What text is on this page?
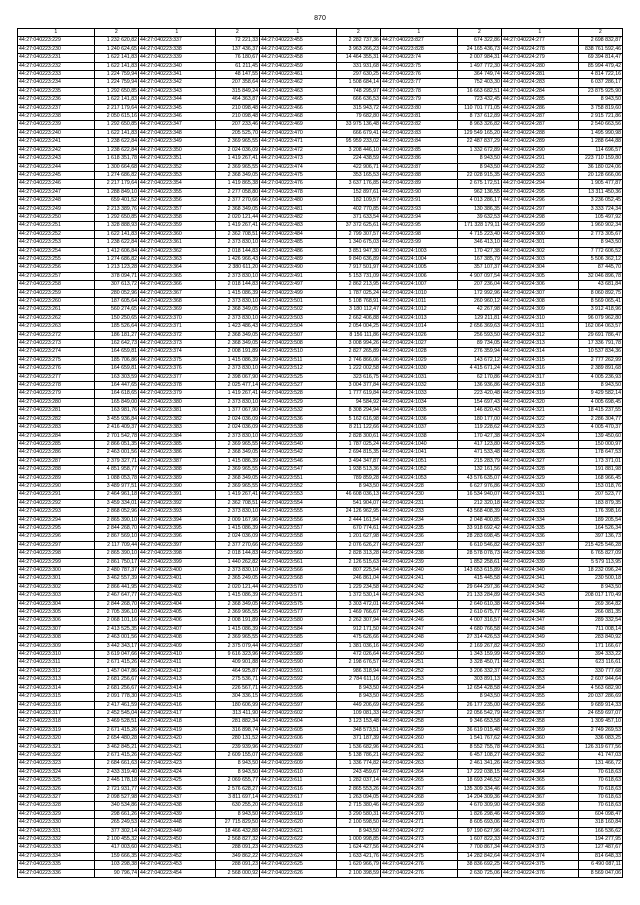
870
1	2	1	2	1	2	1	2	1	2
44:27:040223:229	1 232 620,82	44:27:040223:337	72 221,33	44:27:040223:455	2 282 737,36	44:27:040223:827	674 322,86	44:27:040224:277	2 698 832,87
44:27:040223:230	1 240 624,65	44:27:040223:338	137 436,37	44:27:040223:456	3 963 266,23	44:27:040223:828	24 165 436,73	44:27:040224:278	838 761 592,46
44:27:040223:231	1 622 141,83	44:27:040223:339	76 180,67	44:27:040223:458	14 464 355,31	44:27:040223:74	2 007 984,31	44:27:040224:279	69 394 814,47
44:27:040223:232	1 622 141,83	44:27:040223:340	61 211,45	44:27:040223:459	331 931,68	44:27:040223:75	1 497 772,30	44:27:040224:280	85 994 479,42
44:27:040223:233	1 224 759,94	44:27:040223:341	48 147,55	44:27:040223:461	297 630,25	44:27:040223:76	364 749,74	44:27:040224:281	4 814 722,16
44:27:040223:234	1 224 759,94	44:27:040223:342	207 358,64	44:27:040223:462	1 508 684,14	44:27:040223:77	752 403,30	44:27:040224:283	6 037 286,17
44:27:040223:235	1 292 650,85	44:27:040223:343	315 849,24	44:27:040223:463	748 295,97	44:27:040223:78	16 663 682,51	44:27:040224:284	23 875 925,90
44:27:040223:236	1 622 141,83	44:27:040223:344	464 363,87	44:27:040223:465	666 636,53	44:27:040223:79	723 432,45	44:27:040224:285	8 943,50
44:27:040223:237	2 217 179,64	44:27:040223:345	210 098,48	44:27:040223:466	315 943,72	44:27:040223:80	110 701 771,05	44:27:040224:286	3 758 819,60
44:27:040223:238	2 050 615,16	44:27:040223:346	210 098,48	44:27:040223:468	79 682,80	44:27:040223:81	8 737 612,89	44:27:040224:287	2 915 721,86
44:27:040223:239	1 292 650,85	44:27:040223:347	207 233,46	44:27:040223:469	33 975 136,48	44:27:040223:82	8 963 326,82	44:27:040224:287	2 540 663,56
44:27:040223:240	1 622 141,83	44:27:040223:348	205 525,70	44:27:040223:470	666 679,41	44:27:040223:83	129 549 165,20	44:27:040224:288	1 495 990,98
44:27:040223:241	1 238 622,84	44:27:040223:349	2 369 965,55	44:27:040223:471	95 959 233,02	44:27:040223:84	22 487 837,29	44:27:040224:289	1 288 644,88
44:27:040223:242	1 238 622,84	44:27:040223:350	2 024 036,09	44:27:040223:472	3 208 446,10	44:27:040223:85	1 332 672,89	44:27:040224:290	114 696,57
44:27:040223:243	1 618 351,78	44:27:040223:351	1 419 267,41	44:27:040223:473	224 438,59	44:27:040223:86	8 943,50	44:27:040224:291	223 710 159,80
44:27:040223:244	1 300 664,68	44:27:040223:352	2 369 965,55	44:27:040223:474	422 906,71	44:27:040223:87	8 943,50	44:27:040224:292	36 180 024,06
44:27:040223:245	1 274 686,82	44:27:040223:353	2 368 349,05	44:27:040223:475	353 165,53	44:27:040223:88	22 028 915,35	44:27:040224:293	20 128 666,06
44:27:040223:246	2 217 179,64	44:27:040223:354	1 419 865,38	44:27:040223:476	3 637 176,85	44:27:040223:89	2 675 172,51	44:27:040224:294	1 905 477,87
44:27:040223:247	1 288 849,10	44:27:040223:355	2 277 058,80	44:27:040223:478	152 897,61	44:27:040223:90	962 136,55	44:27:040224:295	13 311 450,36
44:27:040223:248	659 401,52	44:27:040223:356	2 377 270,66	44:27:040223:480	182 109,57	44:27:040223:91	4 013 286,17	44:27:040224:296	3 236 052,45
44:27:040223:249	2 213 389,76	44:27:040223:357	2 368 349,05	44:27:040223:481	402 770,85	44:27:040223:93	130 386,35	44:27:040224:297	3 333 724,34
44:27:040223:250	1 292 650,85	44:27:040223:358	2 020 121,44	44:27:040223:482	371 633,54	44:27:040223:94	39 632,53	44:27:040224:298	105 497,92
44:27:040223:251	1 328 888,93	44:27:040223:359	1 419 267,41	44:27:040223:483	37 372 625,61	44:27:040223:95	171 328 179,11	44:27:040224:299	1 960 902,34
44:27:040223:252	1 622 141,83	44:27:040223:360	2 362 708,51	44:27:040223:484	2 799 307,57	44:27:040223:98	4 715 223,40	44:27:040224:300	2 773 305,67
44:27:040223:253	1 238 622,84	44:27:040223:361	2 373 830,10	44:27:040223:485	1 340 675,03	44:27:040223:99	346 413,10	44:27:040224:301	8 943,50
44:27:040223:254	1 412 606,84	44:27:040223:362	2 018 144,83	44:27:040223:486	3 851 947,30	44:27:040224:1003	170 427,38	44:27:040224:302	7 772 606,52
44:27:040223:255	1 274 686,82	44:27:040223:363	1 426 966,43	44:27:040223:489	9 840 636,89	44:27:040224:1004	167 385,79	44:27:040224:303	5 506 362,12
44:27:040223:256	1 213 123,28	44:27:040223:364	2 380 611,20	44:27:040223:490	7 917 501,97	44:27:040224:1005	357 107,37	44:27:040224:304	87 445,70
44:27:040223:257	378 094,71	44:27:040223:365	2 373 830,10	44:27:040223:491	5 153 731,09	44:27:040224:1006	4 907 097,54	44:27:040224:305	32 046 896,78
44:27:040223:258	307 613,72	44:27:040223:366	2 018 144,83	44:27:040223:497	2 862 213,95	44:27:040224:1007	207 236,04	44:27:040224:306	43 681,84
44:27:040223:259	280 052,96	44:27:040223:367	1 415 086,39	44:27:040223:499	1 787 025,24	44:27:040224:1010	172 992,96	44:27:040224:307	8 060 892,75
44:27:040223:260	187 605,64	44:27:040223:368	2 373 830,10	44:27:040223:501	5 108 768,91	44:27:040224:1011	260 960,12	44:27:040224:308	8 569 065,41
44:27:040223:261	560 274,65	44:27:040223:369	2 368 349,05	44:27:040223:502	3 180 112,47	44:27:040224:1012	42 267,98	44:27:040224:309	3 912 418,96
44:27:040223:262	150 250,65	44:27:040223:370	2 373 830,10	44:27:040223:503	2 662 406,88	44:27:040224:1013	129 211,81	44:27:040224:310	96 079 962,80
44:27:040223:263	185 526,64	44:27:040223:371	1 423 486,43	44:27:040223:504	2 054 004,25	44:27:040224:1014	2 656 369,63	44:27:040224:311	162 064 063,57
44:27:040223:272	186 181,27	44:27:040223:372	2 368 349,05	44:27:040223:507	8 156 111,86	44:27:040224:1026	256 593,50	44:27:040224:312	29 691 786,47
44:27:040223:273	162 642,73	44:27:040223:373	2 368 349,05	44:27:040223:508	3 008 994,26	44:27:040224:1027	89 734,05	44:27:040224:313	17 336 791,78
44:27:040223:274	164 659,81	44:27:040223:374	2 008 191,89	44:27:040223:510	2 827 265,89	44:27:040224:1028	276 359,94	44:27:040224:314	10 537 834,36
44:27:040223:275	185 706,86	44:27:040223:375	1 415 086,39	44:27:040223:511	2 746 866,06	44:27:040224:1029	143 672,12	44:27:040224:315	2 777 262,99
44:27:040223:276	164 659,81	44:27:040223:376	2 373 830,10	44:27:040223:512	1 222 002,58	44:27:040224:1030	4 415 671,24	44:27:040224:316	2 389 891,68
44:27:040223:277	163 303,59	44:27:040223:377	2 398 067,90	44:27:040223:525	323 616,75	44:27:040224:1031	62 170,86	44:27:040224:317	4 005 236,93
44:27:040223:278	164 447,65	44:27:040223:378	2 025 477,14	44:27:040223:527	3 004 377,84	44:27:040224:1032	136 936,86	44:27:040224:318	8 943,50
44:27:040223:279	164 618,65	44:27:040223:379	1 419 267,41	44:27:040223:528	1 777 619,84	44:27:040224:1033	223 420,48	44:27:040224:319	9 429 582,14
44:27:040223:280	165 849,00	44:27:040223:380	2 373 830,10	44:27:040223:529	94 584,92	44:27:040224:1034	154 697,43	44:27:040224:320	4 005 698,45
44:27:040223:281	163 981,76	44:27:040223:381	1 377 067,90	44:27:040223:532	8 308 294,94	44:27:040224:1035	146 820,43	44:27:040224:321	18 415 237,55
44:27:040223:282	3 455 936,84	44:27:040223:382	2 024 036,09	44:27:040223:536	5 162 616,98	44:27:040224:1036	180 177,00	44:27:040224:322	2 286 304,77
44:27:040223:283	2 416 409,37	44:27:040223:383	2 024 036,09	44:27:040223:538	8 211 122,66	44:27:040224:1037	119 228,62	44:27:040224:323	4 005 470,37
44:27:040223:284	2 701 542,78	44:27:040223:384	2 373 830,10	44:27:040223:539	2 828 300,61	44:27:040224:1038	170 427,38	44:27:040224:324	139 450,60
44:27:040223:285	2 866 051,35	44:27:040223:385	2 369 965,55	44:27:040223:540	1 787 025,24	44:27:040224:1040	417 123,80	44:27:040224:325	150 000,97
44:27:040223:286	2 463 001,56	44:27:040223:386	2 368 349,05	44:27:040223:542	2 694 815,35	44:27:040224:1041	471 533,48	44:27:040224:326	178 647,53
44:27:040223:287	2 379 327,71	44:27:040223:387	1 415 086,39	44:27:040223:546	3 494 347,87	44:27:040224:1051	215 283,79	44:27:040224:327	173 371,01
44:27:040223:288	4 851 958,77	44:27:040223:388	2 369 965,55	44:27:040223:547	1 938 513,36	44:27:040224:1052	132 161,56	44:27:040224:328	191 881,98
44:27:040223:289	1 088 053,78	44:27:040223:389	2 368 349,05	44:27:040223:551	789 859,28	44:27:040224:1053	43 576 635,07	44:27:040224:329	168 966,45
44:27:040223:290	3 489 977,51	44:27:040223:390	2 369 965,55	44:27:040223:552	8 943,50	44:27:040224:228	6 627 976,86	44:27:040224:330	153 018,76
44:27:040223:291	2 464 961,18	44:27:040223:391	1 419 267,41	44:27:040223:553	46 608 036,13	44:27:040224:230	16 534 940,07	44:27:040224:331	207 523,77
44:27:040223:292	3 459 334,01	44:27:040223:392	2 362 708,51	44:27:040223:554	541 904,07	44:27:040224:231	212 320,18	44:27:040224:332	183 879,35
44:27:040223:293	2 868 052,96	44:27:040223:393	2 373 830,10	44:27:040223:555	24 126 962,95	44:27:040224:233	43 568 408,39	44:27:040224:333	176 398,16
44:27:040223:294	2 865 390,10	44:27:040223:394	2 009 167,96	44:27:040223:556	2 444 161,54	44:27:040224:234	2 048 400,85	44:27:040224:334	189 205,54
44:27:040223:295	2 844 268,70	44:27:040223:395	1 415 086,39	44:27:040223:557	670 774,61	44:27:040224:235	33 918 692,42	44:27:040224:335	164 526,34
44:27:040223:296	2 867 569,10	44:27:040223:396	2 024 036,09	44:27:040223:558	1 201 627,98	44:27:040224:236	28 283 698,45	44:27:040224:336	397 136,73
44:27:040223:297	2 117 709,44	44:27:040223:397	2 377 270,66	44:27:040223:559	2 076 626,27	44:27:040224:237	6 610 546,82	44:27:040224:337	215 425 546,28
44:27:040223:298	2 865 390,10	44:27:040223:398	2 018 144,83	44:27:040223:560	2 828 313,28	44:27:040224:238	28 578 078,73	44:27:040224:338	6 765 827,09
44:27:040223:299	2 861 750,17	44:27:040223:399	1 440 262,82	44:27:040223:561	2 126 515,63	44:27:040224:239	1 852 258,61	44:27:040224:339	5 579 113,95
44:27:040223:300	2 480 787,37	44:27:040223:400	2 373 830,10	44:27:040223:566	807 225,54	44:27:040224:240	143 653 615,89	44:27:040224:340	18 232 096,24
44:27:040223:301	3 462 557,39	44:27:040223:401	2 365 249,05	44:27:040223:568	246 861,04	44:27:040224:241	415 445,58	44:27:040224:341	230 500,18
44:27:040223:302	2 866 441,95	44:27:040223:402	2 020 121,44	44:27:040223:570	1 229 234,58	44:27:040224:242	29 644 297,36	44:27:040224:342	8 943,50
44:27:040223:303	2 467 647,77	44:27:040223:403	1 415 086,39	44:27:040223:571	1 372 530,14	44:27:040224:243	21 133 284,89	44:27:040224:343	208 017 170,49
44:27:040223:304	2 844 268,70	44:27:040223:404	2 368 349,05	44:27:040223:575	3 303 472,01	44:27:040224:244	2 640 610,38	44:27:040224:344	269 364,82
44:27:040223:305	2 705 396,10	44:27:040223:405	2 369 965,55	44:27:040223:577	1 469 766,67	44:27:040224:245	2 610 675,77	44:27:040224:346	266 081,35
44:27:040223:306	2 068 101,16	44:27:040223:406	2 008 191,89	44:27:040223:580	2 262 307,94	44:27:040224:246	4 007 316,57	44:27:040224:347	289 332,54
44:27:040223:307	2 413 525,35	44:27:040223:407	1 415 086,39	44:27:040223:584	912 171,50	44:27:040224:247	4 680 766,58	44:27:040224:348	711 008,14
44:27:040223:308	2 463 001,56	44:27:040223:408	2 369 965,55	44:27:040223:585	475 626,66	44:27:040224:248	27 314 426,53	44:27:040224:349	283 840,92
44:27:040223:309	3 442 343,17	44:27:040223:409	2 375 079,44	44:27:040223:587	1 381 036,16	44:27:040224:249	2 169 267,82	44:27:040224:350	171 166,67
44:27:040223:310	3 619 047,66	44:27:040223:410	9 616 323,96	44:27:040223:589	472 026,64	44:27:040224:250	1 343 159,99	44:27:040224:350	394 333,22
44:27:040223:311	2 671 415,26	44:27:040223:411	409 901,88	44:27:040223:590	2 198 676,57	44:27:040224:251	3 328 450,71	44:27:040224:351	623 116,61
44:27:040223:312	1 457 047,86	44:27:040223:412	464 925,87	44:27:040223:591	986 318,94	44:27:040224:252	3 206 332,37	44:27:040224:352	330 777,68
44:27:040223:313	2 681 256,67	44:27:040223:413	275 536,71	44:27:040223:592	2 784 611,16	44:27:040224:253	303 891,13	44:27:040224:353	2 607 944,64
44:27:040223:314	2 681 256,67	44:27:040223:414	226 567,71	44:27:040223:595	8 943,50	44:27:040224:254	12 654 428,58	44:27:040224:354	4 563 682,90
44:27:040223:315	2 091 778,30	44:27:040223:415	304 336,15	44:27:040223:596	8 943,50	44:27:040224:255	8 943,50	44:27:040224:355	20 037 286,69
44:27:040223:316	2 417 461,59	44:27:040223:416	180 606,99	44:27:040223:597	449 206,69	44:27:040224:256	26 177 235,00	44:27:040224:356	9 689 914,33
44:27:040223:317	2 452 545,04	44:27:040223:417	313 411,90	44:27:040223:602	109 081,33	44:27:040224:257	22 056 542,79	44:27:040224:357	24 659 697,07
44:27:040223:318	3 469 528,51	44:27:040223:418	281 882,34	44:27:040223:604	3 123 153,48	44:27:040224:258	9 346 653,58	44:27:040224:358	1 309 457,10
44:27:040223:319	2 671 415,26	44:27:040223:419	316 898,74	44:27:040223:605	348 573,51	44:27:040224:259	36 619 015,48	44:27:040224:359	2 749 269,53
44:27:040223:320	2 654 480,28	44:27:040223:420	280 131,52	44:27:040223:606	371 187,39	44:27:040224:260	1 541 767,62	44:27:040224:360	336 083,25
44:27:040223:321	3 462 845,21	44:27:040223:421	239 939,96	44:27:040223:607	1 536 682,96	44:27:040224:261	8 552 755,78	44:27:040224:361	126 319 677,56
44:27:040223:322	2 671 415,26	44:27:040223:422	2 609 155,07	44:27:040223:608	5 138 786,21	44:27:040224:262	6 457 108,27	44:27:040224:362	41 747,03
44:27:040223:323	2 684 661,63	44:27:040223:423	8 943,50	44:27:040223:609	1 336 774,82	44:27:040224:263	2 461 341,26	44:27:040224:363	131 466,72
44:27:040223:324	2 433 319,40	44:27:040223:424	8 943,50	44:27:040223:610	243 459,67	44:27:040224:264	17 222 038,15	44:27:040224:364	70 618,63
44:27:040223:325	2 445 178,18	44:27:040223:425	2 069 655,77	44:27:040223:611	1 282 037,14	44:27:040224:265	18 693 246,52	44:27:040224:365	70 618,63
44:27:040223:326	2 721 931,77	44:27:040223:436	2 576 628,27	44:27:040223:616	2 865 553,26	44:27:040224:267	135 309 334,46	44:27:040224:366	70 618,63
44:27:040223:327	2 098 527,98	44:27:040223:437	3 811 697,14	44:27:040223:617	1 263 094,05	44:27:040224:268	14 204 309,36	44:27:040224:367	70 618,63
44:27:040223:328	340 534,86	44:27:040223:438	630 255,20	44:27:040223:618	2 715 380,46	44:27:040224:269	4 670 309,90	44:27:040224:368	70 618,63
44:27:040223:329	298 661,26	44:27:040223:439	8 943,50	44:27:040223:619	3 290 580,31	44:27:040224:270	1 826 298,46	44:27:040224:369	604 098,47
44:27:040223:330	265 249,53	44:27:040223:448	27 715 829,50	44:27:040223:620	2 100 598,50	44:27:040224:271	8 605 693,06	44:27:040224:370	318 160,84
44:27:040223:331	377 302,14	44:27:040223:449	18 466 432,88	44:27:040223:621	8 943,50	44:27:040224:272	97 190 627,96	44:27:040224:371	166 536,62
44:27:040223:332	2 100 455,32	44:27:040223:450	2 568 827,32	44:27:040223:622	1 000 998,85	44:27:040224:273	1 607 822,33	44:27:040224:372	194 277,95
44:27:040223:333	417 003,60	44:27:040223:451	288 091,23	44:27:040223:623	1 624 427,56	44:27:040224:274	7 700 867,34	44:27:040224:373	127 487,67
44:27:040223:334	159 666,35	44:27:040223:452	349 862,22	44:27:040223:624	1 633 421,76	44:27:040224:275	14 282 842,64	44:27:040224:374	814 648,33
44:27:040223:335	103 298,38	44:27:040223:453	288 091,23	44:27:040223:625	1 620 966,79	44:27:040224:276	38 836 692,25	44:27:040224:375	6 490 087,11
44:27:040223:336	90 796,74	44:27:040223:454	2 568 000,92	44:27:040223:626	2 100 398,59	44:27:040224:276	2 630 725,06	44:27:040224:376	8 569 047,06
